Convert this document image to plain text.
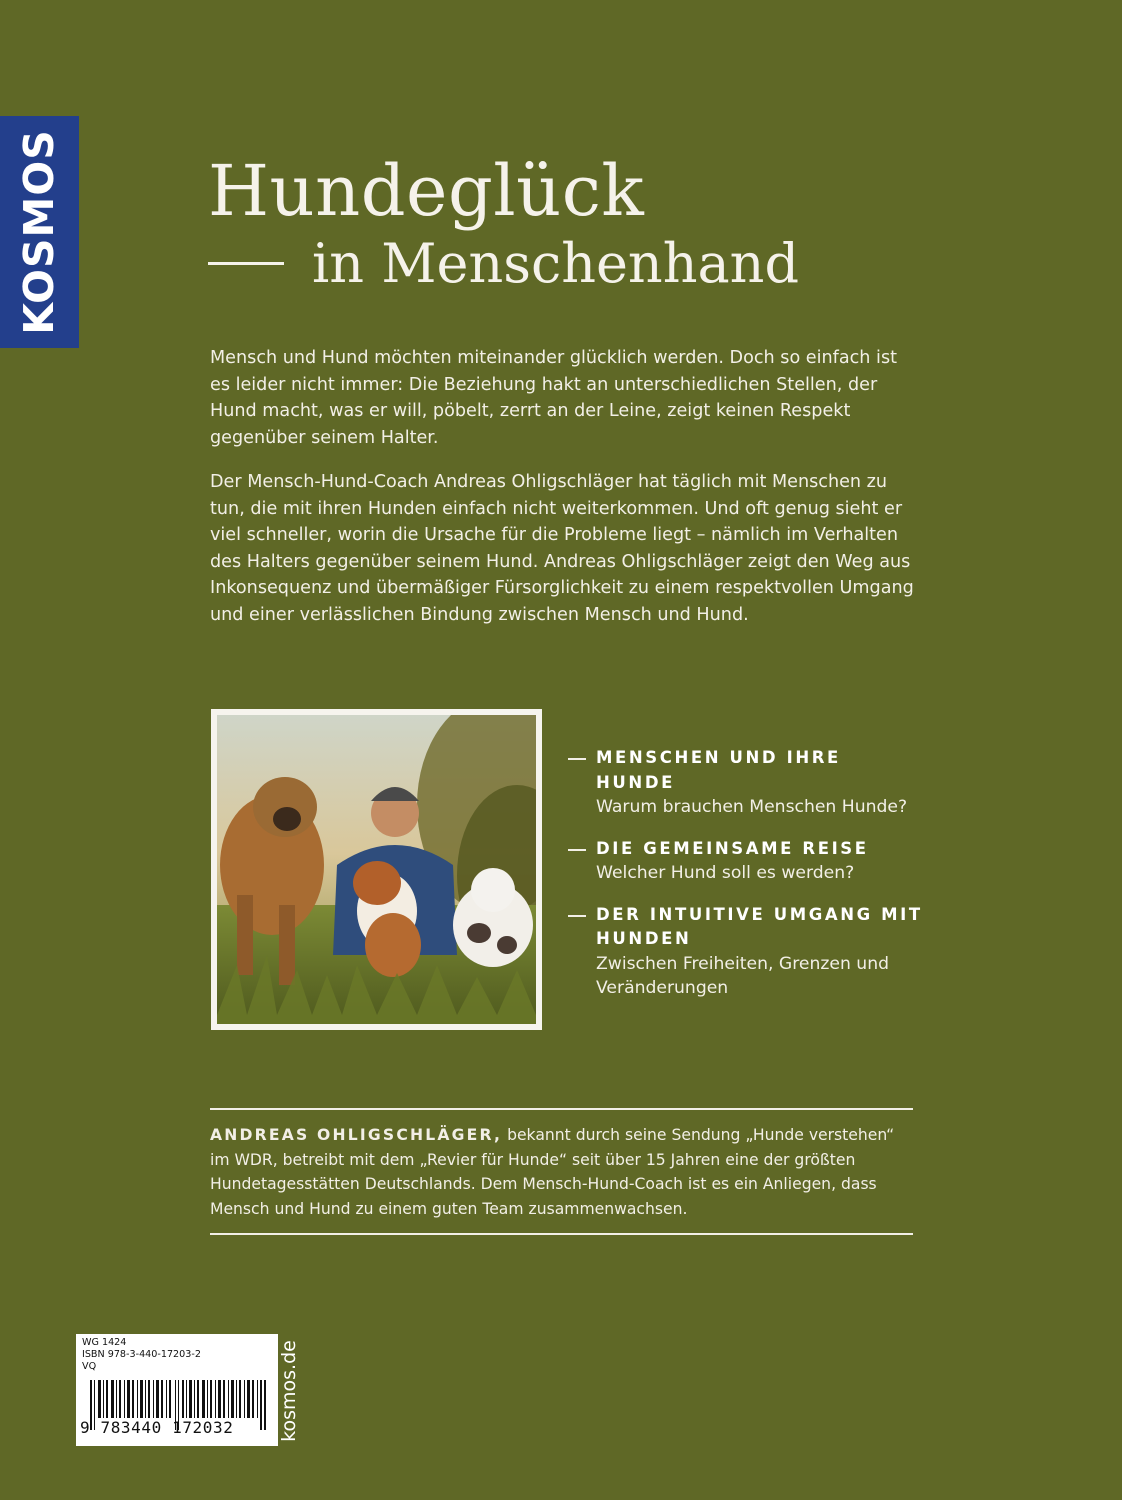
KOSMOS Hundeglück
in Menschenhand

Mensch und Hund möchten miteinander glücklich werden. Doch so einfach ist es leider nicht immer: Die Beziehung hakt an unterschiedlichen Stellen, der Hund macht, was er will, pöbelt, zerrt an der Leine, zeigt keinen Respekt gegenüber seinem Halter.

Der Mensch-Hund-Coach Andreas Ohligschläger hat täglich mit Menschen zu tun, die mit ihren Hunden einfach nicht weiterkommen. Und oft genug sieht er viel schneller, worin die Ursache für die Probleme liegt – nämlich im Verhalten des Halters gegenüber seinem Hund. Andreas Ohligschläger zeigt den Weg aus Inkonsequenz und übermäßiger Fürsorglichkeit zu einem respektvollen Umgang und einer verlässlichen Bindung zwischen Mensch und Hund.

MENSCHEN UND IHRE HUNDE
Warum brauchen Menschen Hunde?
DIE GEMEINSAME REISE
Welcher Hund soll es werden?
DER INTUITIVE UMGANG MIT HUNDEN
Zwischen Freiheiten, Grenzen und Veränderungen

ANDREAS OHLIGSCHLÄGER, bekannt durch seine Sendung „Hunde verstehen“ im WDR, betreibt mit dem „Revier für Hunde“ seit über 15 Jahren eine der größten Hundetagesstätten Deutschlands. Dem Mensch-Hund-Coach ist es ein Anliegen, dass Mensch und Hund zu einem guten Team zusammenwachsen.

WG 1424
ISBN 978-3-440-17203-2
VQ
9 783440 172032 kosmos.de
